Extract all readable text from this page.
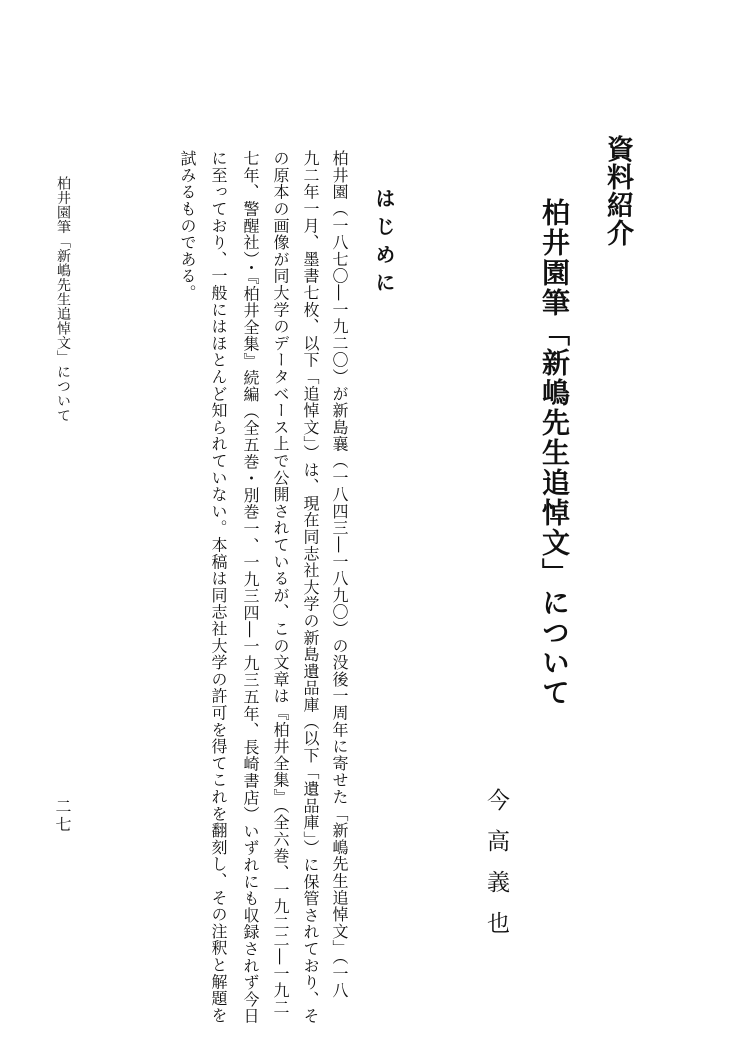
資料紹介
柏井園筆「新嶋先生追悼文」について
今高義也
はじめに
柏井園（一八七〇―一九二〇）が新島襄（一八四三―一八九〇）の没後一周年に寄せた「新嶋先生追悼文」（一八
九二年一月、墨書七枚、以下「追悼文」）は、現在同志社大学の新島遺品庫（以下「遺品庫」）に保管されており、そ
の原本の画像が同大学のデータベース上で公開されているが、この文章は『柏井全集』（全六巻、一九二二―一九二
七年、警醒社）・『柏井全集』続編（全五巻・別巻一、一九三四―一九三五年、長崎書店）いずれにも収録されず今日
に至っており、一般にはほとんど知られていない。本稿は同志社大学の許可を得てこれを翻刻し、その注釈と解題を
試みるものである。
柏井園筆「新嶋先生追悼文」について
二七
